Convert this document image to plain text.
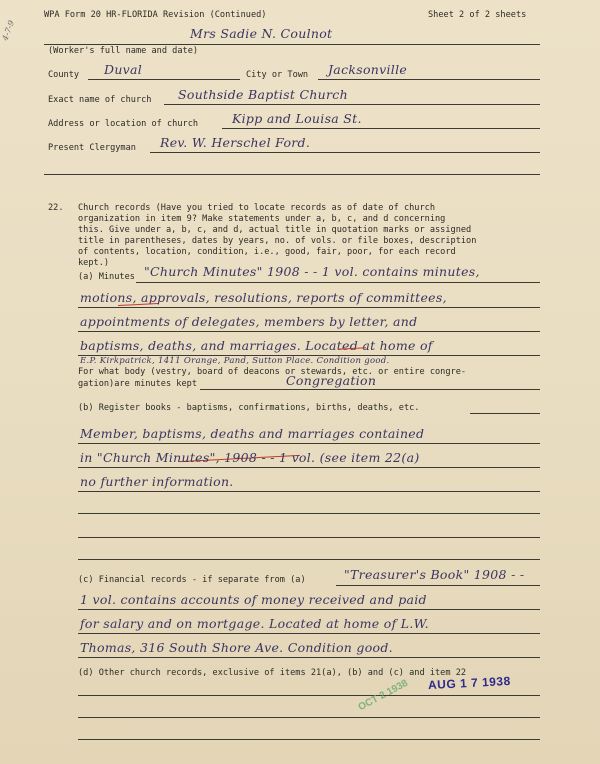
4-7-9
WPA Form 20 HR-FLORIDA Revision (Continued)	Sheet 2 of 2 sheets
Mrs Sadie N. Coulnot
(Worker's full name and date)
County Duval	City or Town Jacksonville
Exact name of church Southside Baptist Church
Address or location of church	Kipp and Louisa St.
Present Clergyman Rev. W. Herschel Ford.
22. Church records (Have you tried to locate records as of date of church
organization in item 9? Make statements under a, b, c, and d concerning
this. Give under a, b, c, and d, actual title in quotation marks or assigned
title in parentheses, dates by years, no. of vols. or file boxes, description
of contents, location, condition, i.e., good, fair, poor, for each record
kept.)
(a) Minutes "Church Minutes" 1908 - - 1 vol. contains minutes,
motions, approvals, resolutions, reports of committees,
appointments of delegates, members by letter, and
baptisms, deaths, and marriages. Located at home of
E.P. Kirkpatrick, 1411 Orange, Pand, Sutton Place. Condition good.
For what body (vestry, board of deacons or stewards, etc. or entire congre-
gation)are minutes kept	Congregation
(b) Register books - baptisms, confirmations, births, deaths, etc.
Member, baptisms, deaths and marriages contained
in "Church Minutes", 1908 - - 1 vol. (see item 22(a)
no further information.
(c) Financial records - if separate from (a)	"Treasurer's Book" 1908 - -
1 vol. contains accounts of money received and paid
for salary and on mortgage. Located at home of L.W.
Thomas, 316 South Shore Ave. Condition good.
(d) Other church records, exclusive of items 21(a), (b) and (c) and item 22
OCT 2 1938 AUG 1 7 1938
